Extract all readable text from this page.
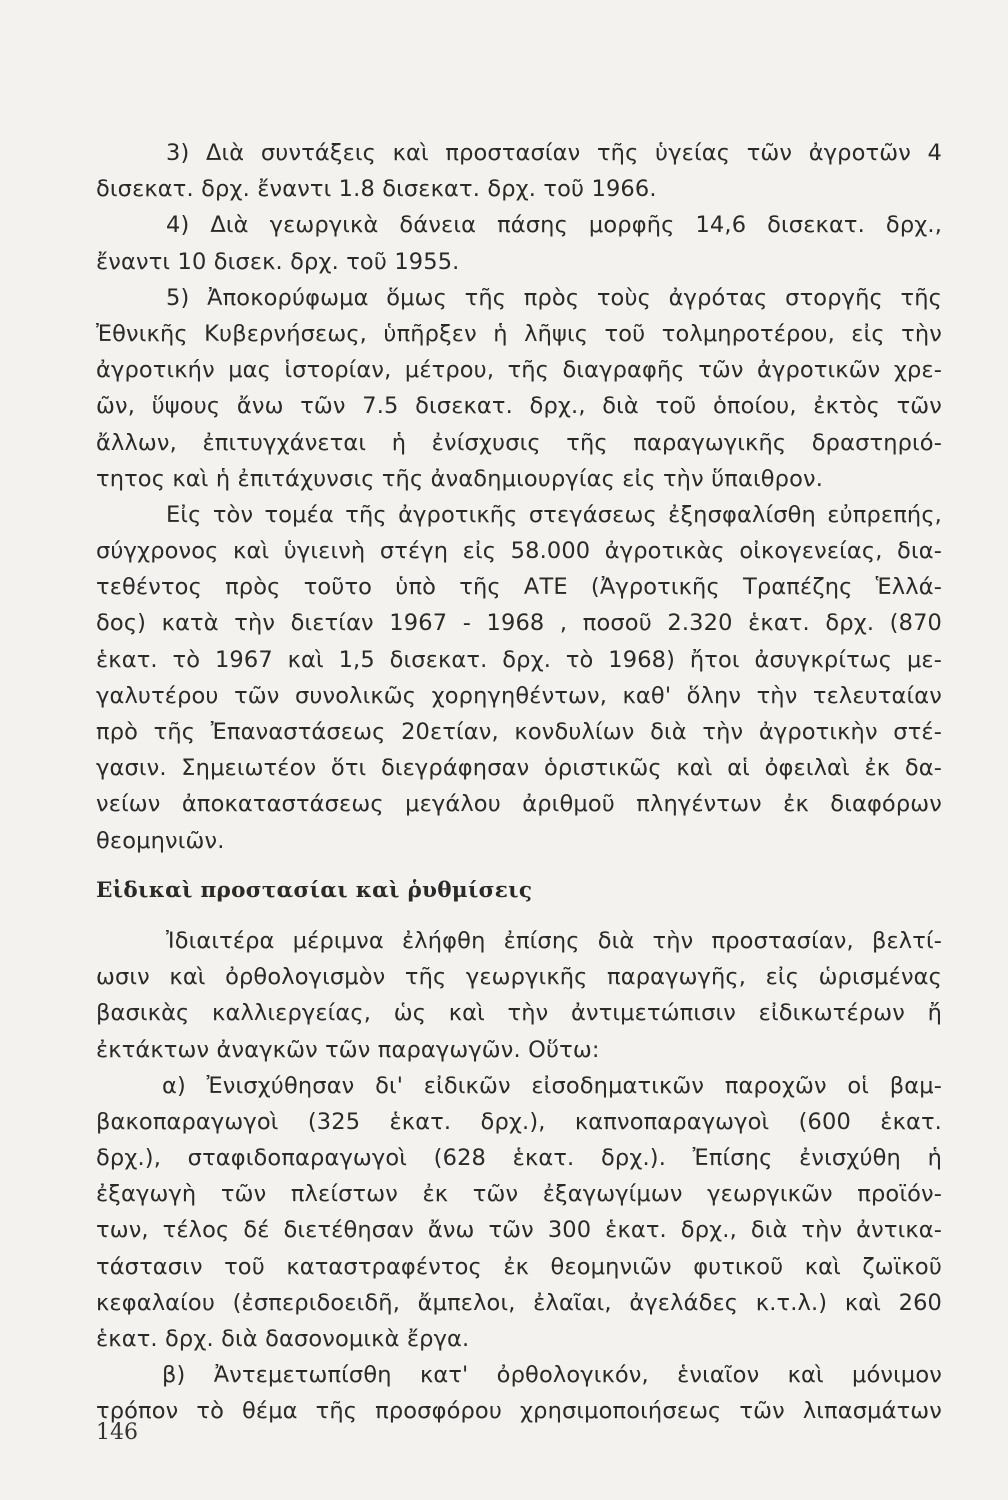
3) Διὰ συντάξεις καὶ προστασίαν τῆς ὑγείας τῶν ἀγροτῶν 4
δισεκατ. δρχ. ἔναντι 1.8 δισεκατ. δρχ. τοῦ 1966.
4) Διὰ γεωργικὰ δάνεια πάσης μορφῆς 14,6 δισεκατ. δρχ.,
ἔναντι 10 δισεκ. δρχ. τοῦ 1955.
5) Ἀποκορύφωμα ὅμως τῆς πρὸς τοὺς ἀγρότας στοργῆς τῆς
Ἐθνικῆς Κυβερνήσεως, ὑπῆρξεν ἡ λῆψις τοῦ τολμηροτέρου, εἰς τὴν
ἀγροτικήν μας ἱστορίαν, μέτρου, τῆς διαγραφῆς τῶν ἀγροτικῶν χρε-
ῶν, ὕψους ἄνω τῶν 7.5 δισεκατ. δρχ., διὰ τοῦ ὁποίου, ἐκτὸς τῶν
ἄλλων, ἐπιτυγχάνεται ἡ ἐνίσχυσις τῆς παραγωγικῆς δραστηριό-
τητος καὶ ἡ ἐπιτάχυνσις τῆς ἀναδημιουργίας εἰς τὴν ὕπαιθρον.
Εἰς τὸν τομέα τῆς ἀγροτικῆς στεγάσεως ἐξησφαλίσθη εὐπρεπής,
σύγχρονος καὶ ὑγιεινὴ στέγη εἰς 58.000 ἀγροτικὰς οἰκογενείας, δια-
τεθέντος πρὸς τοῦτο ὑπὸ τῆς ΑΤΕ (Ἀγροτικῆς Τραπέζης Ἑλλά-
δος) κατὰ τὴν διετίαν 1967 - 1968 , ποσοῦ 2.320 ἑκατ. δρχ. (870
ἑκατ. τὸ 1967 καὶ 1,5 δισεκατ. δρχ. τὸ 1968) ἤτοι ἀσυγκρίτως με-
γαλυτέρου τῶν συνολικῶς χορηγηθέντων, καθ' ὅλην τὴν τελευταίαν
πρὸ τῆς Ἐπαναστάσεως 20ετίαν, κονδυλίων διὰ τὴν ἀγροτικὴν στέ-
γασιν. Σημειωτέον ὅτι διεγράφησαν ὁριστικῶς καὶ αἱ ὀφειλαὶ ἐκ δα-
νείων ἀποκαταστάσεως μεγάλου ἀριθμοῦ πληγέντων ἐκ διαφόρων
θεομηνιῶν.
Εἰδικαὶ προστασίαι καὶ ῥυθμίσεις
Ἰδιαιτέρα μέριμνα ἐλήφθη ἐπίσης διὰ τὴν προστασίαν, βελτί-
ωσιν καὶ ὀρθολογισμὸν τῆς γεωργικῆς παραγωγῆς, εἰς ὡρισμένας
βασικὰς καλλιεργείας, ὡς καὶ τὴν ἀντιμετώπισιν εἰδικωτέρων ἤ
ἐκτάκτων ἀναγκῶν τῶν παραγωγῶν. Οὕτω:
α) Ἐνισχύθησαν δι' εἰδικῶν εἰσοδηματικῶν παροχῶν οἱ βαμ-
βακοπαραγωγοὶ (325 ἑκατ. δρχ.), καπνοπαραγωγοὶ (600 ἑκατ.
δρχ.), σταφιδοπαραγωγοὶ (628 ἑκατ. δρχ.). Ἐπίσης ἐνισχύθη ἡ
ἐξαγωγὴ τῶν πλείστων ἐκ τῶν ἐξαγωγίμων γεωργικῶν προϊόν-
των, τέλος δέ διετέθησαν ἄνω τῶν 300 ἑκατ. δρχ., διὰ τὴν ἀντικα-
τάστασιν τοῦ καταστραφέντος ἐκ θεομηνιῶν φυτικοῦ καὶ ζωϊκοῦ
κεφαλαίου (ἐσπεριδοειδῆ, ἄμπελοι, ἐλαῖαι, ἀγελάδες κ.τ.λ.) καὶ 260
ἑκατ. δρχ. διὰ δασονομικὰ ἔργα.
β) Ἀντεμετωπίσθη κατ' ὀρθολογικόν, ἑνιαῖον καὶ μόνιμον
τρόπον τὸ θέμα τῆς προσφόρου χρησιμοποιήσεως τῶν λιπασμάτων
146
